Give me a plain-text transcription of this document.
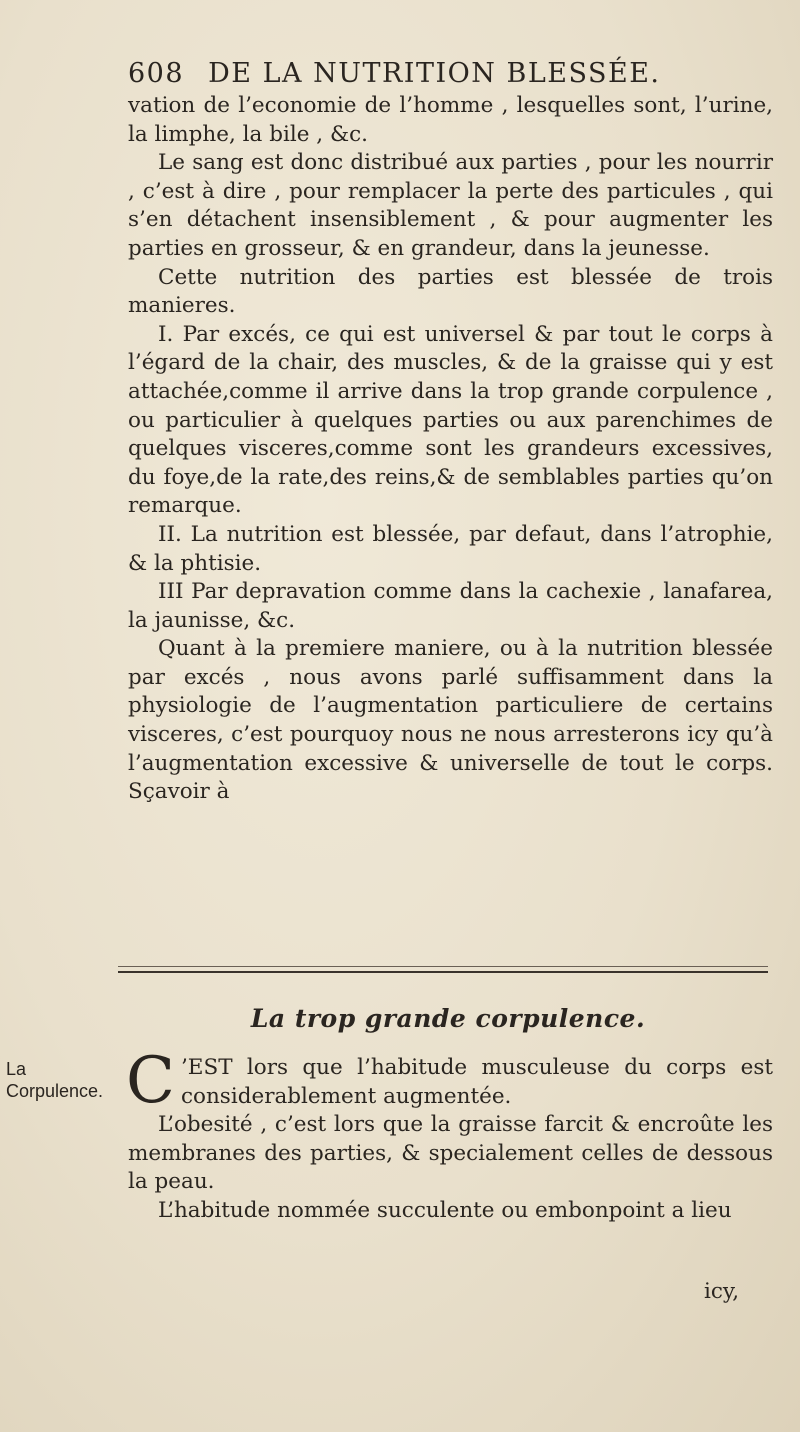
608 DE LA NUTRITION BLESSÉE.

vation de l’economie de l’homme , lesquelles sont, l’urine, la limphe, la bile , &c.

Le sang est donc distribué aux parties , pour les nourrir , c’est à dire , pour remplacer la perte des particules , qui s’en détachent insensiblement , & pour augmenter les parties en grosseur, & en grandeur, dans la jeunesse.

Cette nutrition des parties est blessée de trois manieres.

I. Par excés, ce qui est universel & par tout le corps à l’égard de la chair, des muscles, & de la graisse qui y est attachée,comme il arrive dans la trop grande corpulence , ou particulier à quelques parties ou aux parenchimes de quelques visceres,comme sont les grandeurs excessives, du foye,de la rate,des reins,& de semblables parties qu’on remarque.

II. La nutrition est blessée, par defaut, dans l’atrophie, & la phtisie.

III Par depravation comme dans la cachexie , lanafarea, la jaunisse, &c.

Quant à la premiere maniere, ou à la nutrition blessée par excés , nous avons parlé suffisamment dans la physiologie de l’augmentation particuliere de certains visceres, c’est pourquoy nous ne nous arresterons icy qu’à l’augmentation excessive & universelle de tout le corps. Sçavoir à

La trop grande corpulence.
La Corpulence. C ’EST lors que l’habitude musculeuse du corps est considerablement augmentée.

L’obesité , c’est lors que la graisse farcit & encroûte les membranes des parties, & specialement celles de dessous la peau.

L’habitude nommée succulente ou embonpoint a lieu

icy,
